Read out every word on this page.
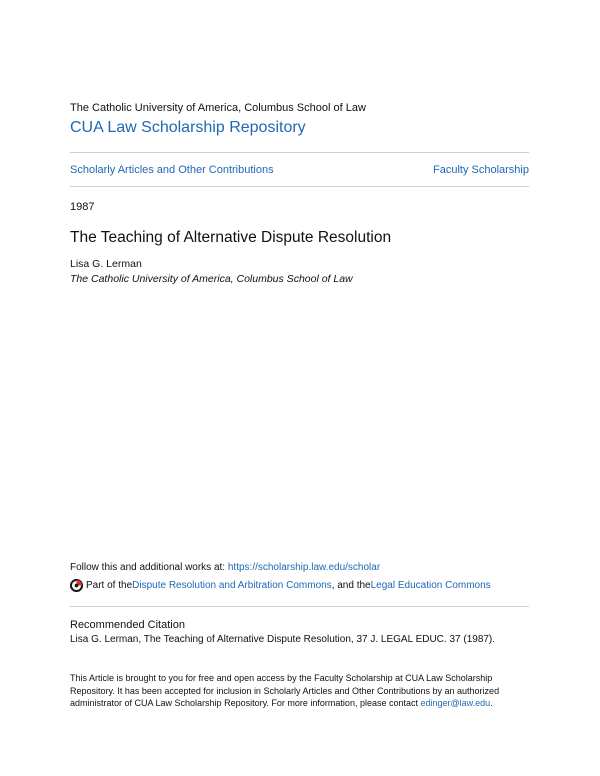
The Catholic University of America, Columbus School of Law
CUA Law Scholarship Repository
Scholarly Articles and Other Contributions	Faculty Scholarship
1987
The Teaching of Alternative Dispute Resolution
Lisa G. Lerman
The Catholic University of America, Columbus School of Law
Follow this and additional works at: https://scholarship.law.edu/scholar
Part of the Dispute Resolution and Arbitration Commons , and the Legal Education Commons
Recommended Citation
Lisa G. Lerman, The Teaching of Alternative Dispute Resolution, 37 J. LEGAL EDUC. 37 (1987).
This Article is brought to you for free and open access by the Faculty Scholarship at CUA Law Scholarship Repository. It has been accepted for inclusion in Scholarly Articles and Other Contributions by an authorized administrator of CUA Law Scholarship Repository. For more information, please contact edinger@law.edu.
